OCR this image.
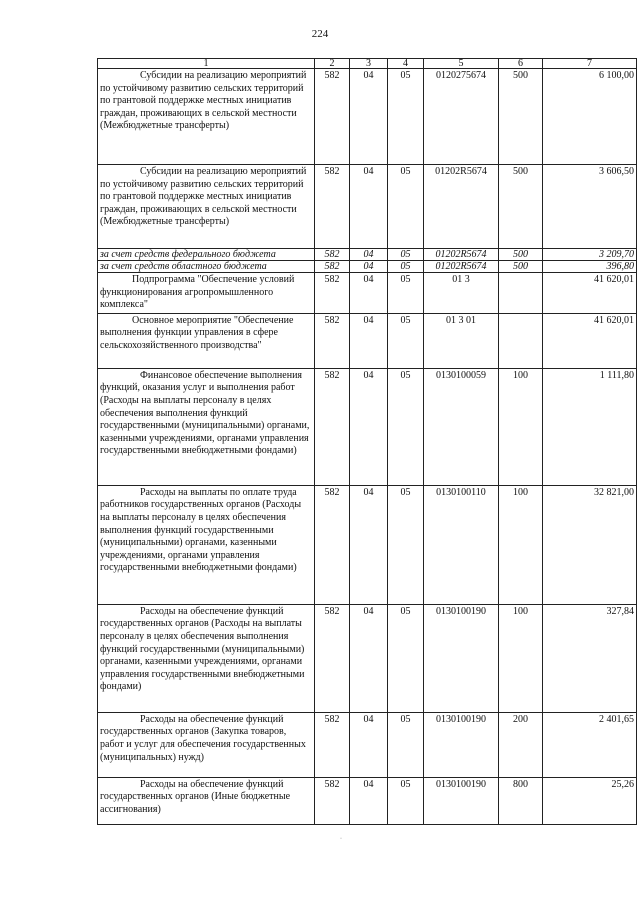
224
1	2	3	4	5	6	7
Субсидии на реализацию мероприятий по устойчивому развитию сельских территорий по грантовой поддержке местных инициатив граждан, проживающих в сельской местности (Межбюджетные трансферты)	582	04	05	0120275674	500	6 100,00
Субсидии на реализацию мероприятий по устойчивому развитию сельских территорий по грантовой поддержке местных инициатив граждан, проживающих в сельской местности (Межбюджетные трансферты)	582	04	05	01202R5674	500	3 606,50
за счет средств федерального бюджета	582	04	05	01202R5674	500	3 209,70
за счет средств областного бюджета	582	04	05	01202R5674	500	396,80
Подпрограмма "Обеспечение условий функционирования агропромышленного комплекса"	582	04	05	01 3		41 620,01
Основное мероприятие "Обеспечение выполнения функции управления в сфере сельскохозяйственного производства"	582	04	05	01 3 01		41 620,01
Финансовое обеспечение выполнения функций, оказания услуг и выполнения работ (Расходы на выплаты персоналу в целях обеспечения выполнения функций государственными (муниципальными) органами, казенными учреждениями, органами управления государственными внебюджетными фондами)	582	04	05	0130100059	100	1 111,80
Расходы на выплаты по оплате труда работников государственных органов (Расходы на выплаты персоналу в целях обеспечения выполнения функций государственными (муниципальными) органами, казенными учреждениями, органами управления государственными внебюджетными фондами)	582	04	05	0130100110	100	32 821,00
Расходы на обеспечение функций государственных органов (Расходы на выплаты персоналу в целях обеспечения выполнения функций государственными (муниципальными) органами, казенными учреждениями, органами управления государственными внебюджетными фондами)	582	04	05	0130100190	100	327,84
Расходы на обеспечение функций государственных органов (Закупка товаров, работ и услуг для обеспечения государственных (муниципальных) нужд)	582	04	05	0130100190	200	2 401,65
Расходы на обеспечение функций государственных органов (Иные бюджетные ассигнования)	582	04	05	0130100190	800	25,26
·
